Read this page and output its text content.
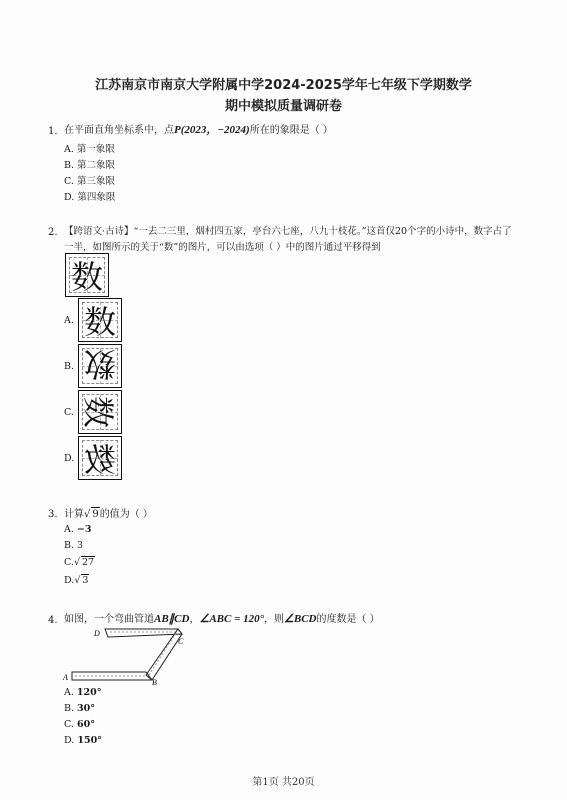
江苏南京市南京大学附属中学2024-2025学年七年级下学期数学
期中模拟质量调研卷
1. 在平面直角坐标系中，点P(2023，−2024)所在的象限是（ ）
A. 第一象限
B. 第二象限
C. 第三象限
D. 第四象限
2. 【跨语文·古诗】“一去二三里，烟村四五家，亭台六七座，八九十枝花。”这首仅20个字的小诗中，数字占了
一半，如图所示的关于“数”的图片，可以由选项（ ）中的图片通过平移得到
数
A. 数
B. 数
C. 数
D. 数
3. 计算√ 9的值为（ ）
A. −3
B. 3
C.√ 27
D.√ 3
4. 如图，一个弯曲管道AB∥CD，∠ABC = 120°，则∠BCD的度数是（ ）
D
C
A
B
A. 120°
B. 30°
C. 60°
D. 150°
第1页 共20页
